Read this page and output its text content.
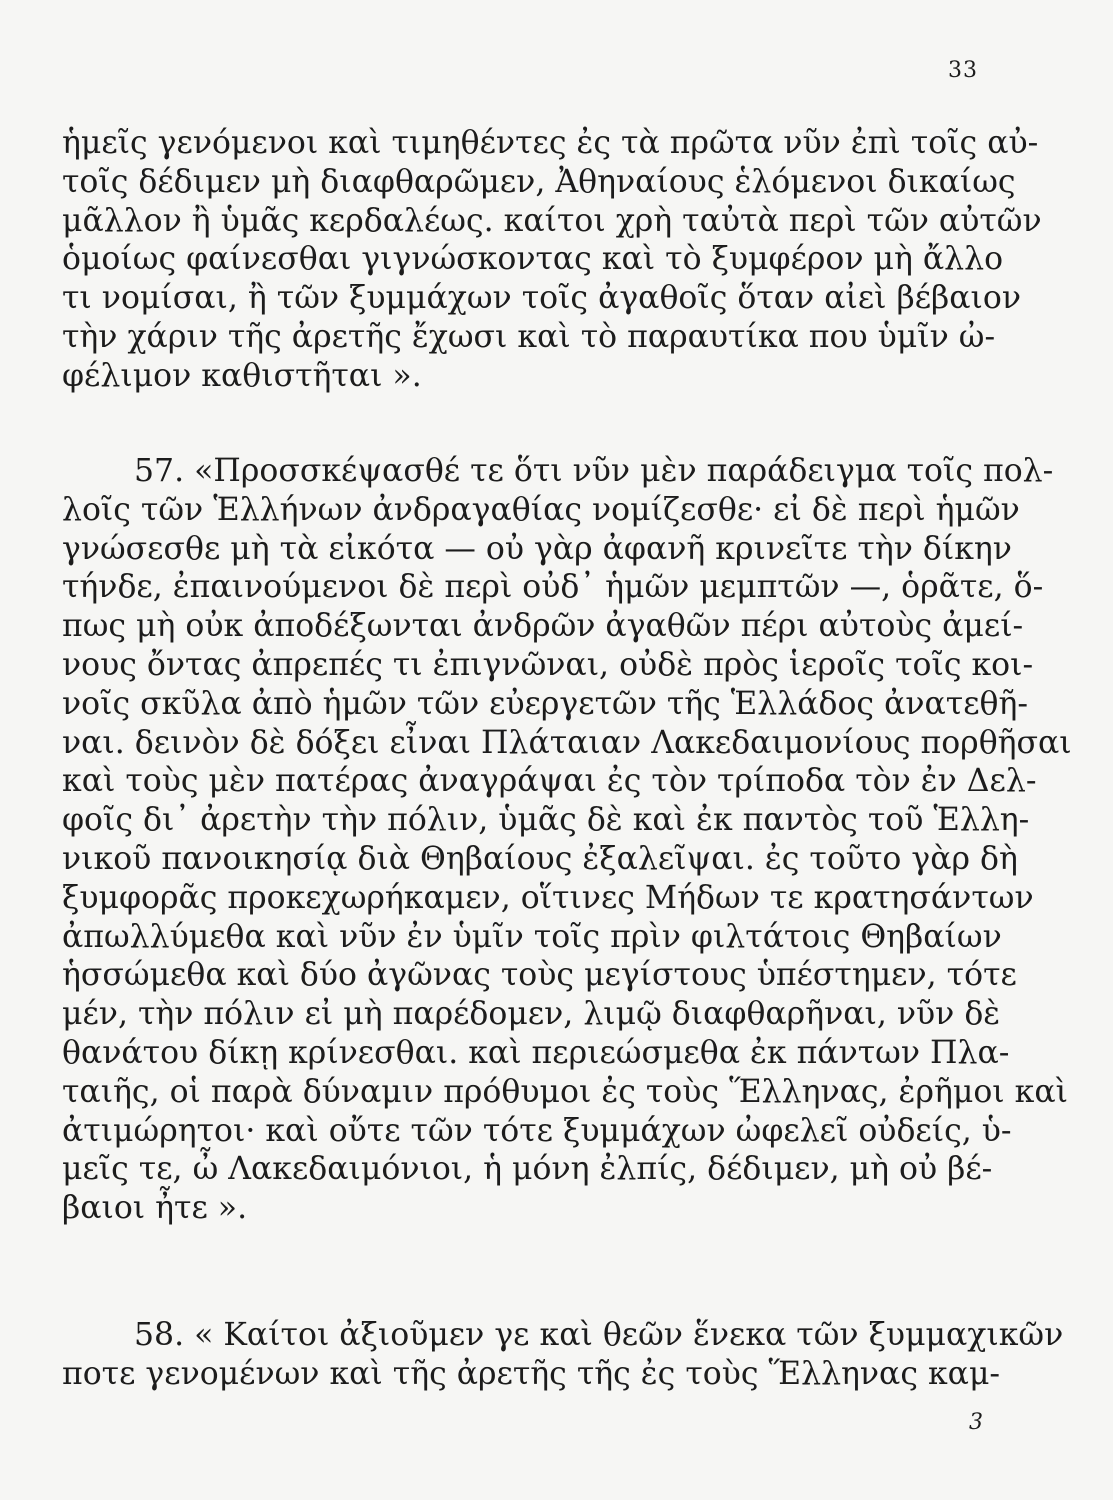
33
ἡμεῖς γενόμενοι καὶ τιμηθέντες ἐς τὰ πρῶτα νῦν ἐπὶ τοῖς αὐ-
τοῖς δέδιμεν μὴ διαφθαρῶμεν, Ἀθηναίους ἑλόμενοι δικαίως
μᾶλλον ἢ ὑμᾶς κερδαλέως. καίτοι χρὴ ταὐτὰ περὶ τῶν αὐτῶν
ὁμοίως φαίνεσθαι γιγνώσκοντας καὶ τὸ ξυμφέρον μὴ ἄλλο
τι νομίσαι, ἢ τῶν ξυμμάχων τοῖς ἀγαθοῖς ὅταν αἰεὶ βέβαιον
τὴν χάριν τῆς ἀρετῆς ἔχωσι καὶ τὸ παραυτίκα που ὑμῖν ὠ-
φέλιμον καθιστῆται ».
57. «Προσσκέψασθέ τε ὅτι νῦν μὲν παράδειγμα τοῖς πολ-
λοῖς τῶν Ἑλλήνων ἀνδραγαθίας νομίζεσθε· εἰ δὲ περὶ ἡμῶν
γνώσεσθε μὴ τὰ εἰκότα — οὐ γὰρ ἀφανῆ κρινεῖτε τὴν δίκην
τήνδε, ἐπαινούμενοι δὲ περὶ οὐδ᾽ ἡμῶν μεμπτῶν —, ὁρᾶτε, ὅ-
πως μὴ οὐκ ἀποδέξωνται ἀνδρῶν ἀγαθῶν πέρι αὐτοὺς ἀμεί-
νους ὄντας ἀπρεπές τι ἐπιγνῶναι, οὐδὲ πρὸς ἱεροῖς τοῖς κοι-
νοῖς σκῦλα ἀπὸ ἡμῶν τῶν εὐεργετῶν τῆς Ἑλλάδος ἀνατεθῆ-
ναι. δεινὸν δὲ δόξει εἶναι Πλάταιαν Λακεδαιμονίους πορθῆσαι
καὶ τοὺς μὲν πατέρας ἀναγράψαι ἐς τὸν τρίποδα τὸν ἐν Δελ-
φοῖς δι᾽ ἀρετὴν τὴν πόλιν, ὑμᾶς δὲ καὶ ἐκ παντὸς τοῦ Ἑλλη-
νικοῦ πανοικησίᾳ διὰ Θηβαίους ἐξαλεῖψαι. ἐς τοῦτο γὰρ δὴ
ξυμφορᾶς προκεχωρήκαμεν, οἵτινες Μήδων τε κρατησάντων
ἀπωλλύμεθα καὶ νῦν ἐν ὑμῖν τοῖς πρὶν φιλτάτοις Θηβαίων
ἡσσώμεθα καὶ δύο ἀγῶνας τοὺς μεγίστους ὑπέστημεν, τότε
μέν, τὴν πόλιν εἰ μὴ παρέδομεν, λιμῷ διαφθαρῆναι, νῦν δὲ
θανάτου δίκῃ κρίνεσθαι. καὶ περιεώσμεθα ἐκ πάντων Πλα-
ταιῆς, οἱ παρὰ δύναμιν πρόθυμοι ἐς τοὺς Ἕλληνας, ἐρῆμοι καὶ
ἀτιμώρητοι· καὶ οὔτε τῶν τότε ξυμμάχων ὠφελεῖ οὐδείς, ὑ-
μεῖς τε, ὦ Λακεδαιμόνιοι, ἡ μόνη ἐλπίς, δέδιμεν, μὴ οὐ βέ-
βαιοι ἦτε ».
58. « Καίτοι ἀξιοῦμεν γε καὶ θεῶν ἕνεκα τῶν ξυμμαχικῶν
ποτε γενομένων καὶ τῆς ἀρετῆς τῆς ἐς τοὺς Ἕλληνας καμ-
3
